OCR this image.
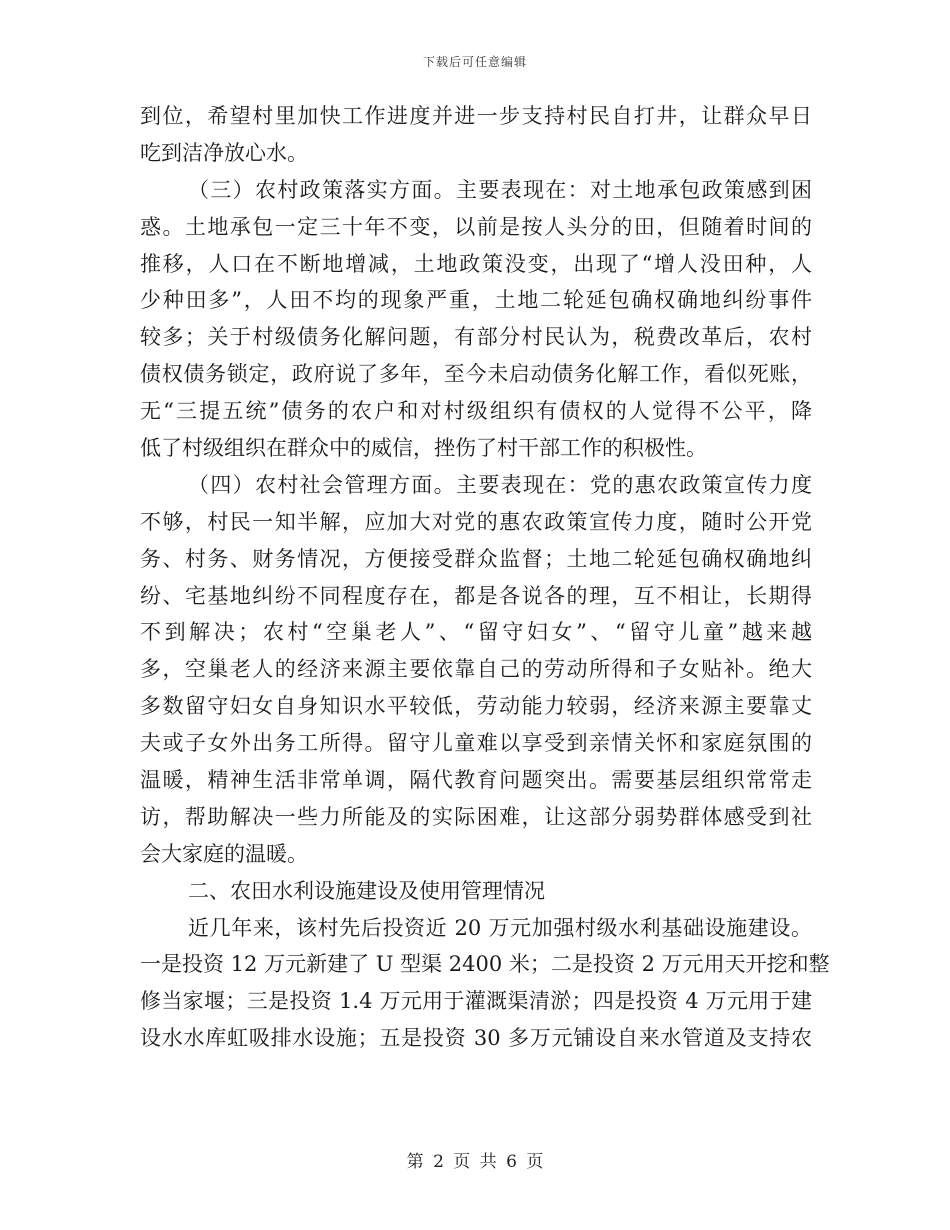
下载后可任意编辑
到位，希望村里加快工作进度并进一步支持村民自打井，让群众早日
吃到洁净放心水。
（三）农村政策落实方面。主要表现在：对土地承包政策感到困
惑。土地承包一定三十年不变，以前是按人头分的田，但随着时间的
推移，人口在不断地增减，土地政策没变，出现了“增人没田种，人
少种田多”，人田不均的现象严重，土地二轮延包确权确地纠纷事件
较多；关于村级债务化解问题，有部分村民认为，税费改革后，农村
债权债务锁定，政府说了多年，至今未启动债务化解工作，看似死账，
无“三提五统”债务的农户和对村级组织有债权的人觉得不公平，降
低了村级组织在群众中的威信，挫伤了村干部工作的积极性。
（四）农村社会管理方面。主要表现在：党的惠农政策宣传力度
不够，村民一知半解，应加大对党的惠农政策宣传力度，随时公开党
务、村务、财务情况，方便接受群众监督；土地二轮延包确权确地纠
纷、宅基地纠纷不同程度存在，都是各说各的理，互不相让，长期得
不到解决；农村“空巢老人”、“留守妇女”、“留守儿童”越来越
多，空巢老人的经济来源主要依靠自己的劳动所得和子女贴补。绝大
多数留守妇女自身知识水平较低，劳动能力较弱，经济来源主要靠丈
夫或子女外出务工所得。留守儿童难以享受到亲情关怀和家庭氛围的
温暖，精神生活非常单调，隔代教育问题突出。需要基层组织常常走
访，帮助解决一些力所能及的实际困难，让这部分弱势群体感受到社
会大家庭的温暖。
二、农田水利设施建设及使用管理情况
近几年来，该村先后投资近 20 万元加强村级水利基础设施建设。
一是投资 12 万元新建了 U 型渠 2400 米；二是投资 2 万元用天开挖和整
修当家堰；三是投资 1.4 万元用于灌溉渠清淤；四是投资 4 万元用于建
设水水库虹吸排水设施；五是投资 30 多万元铺设自来水管道及支持农
第 2 页 共 6 页
